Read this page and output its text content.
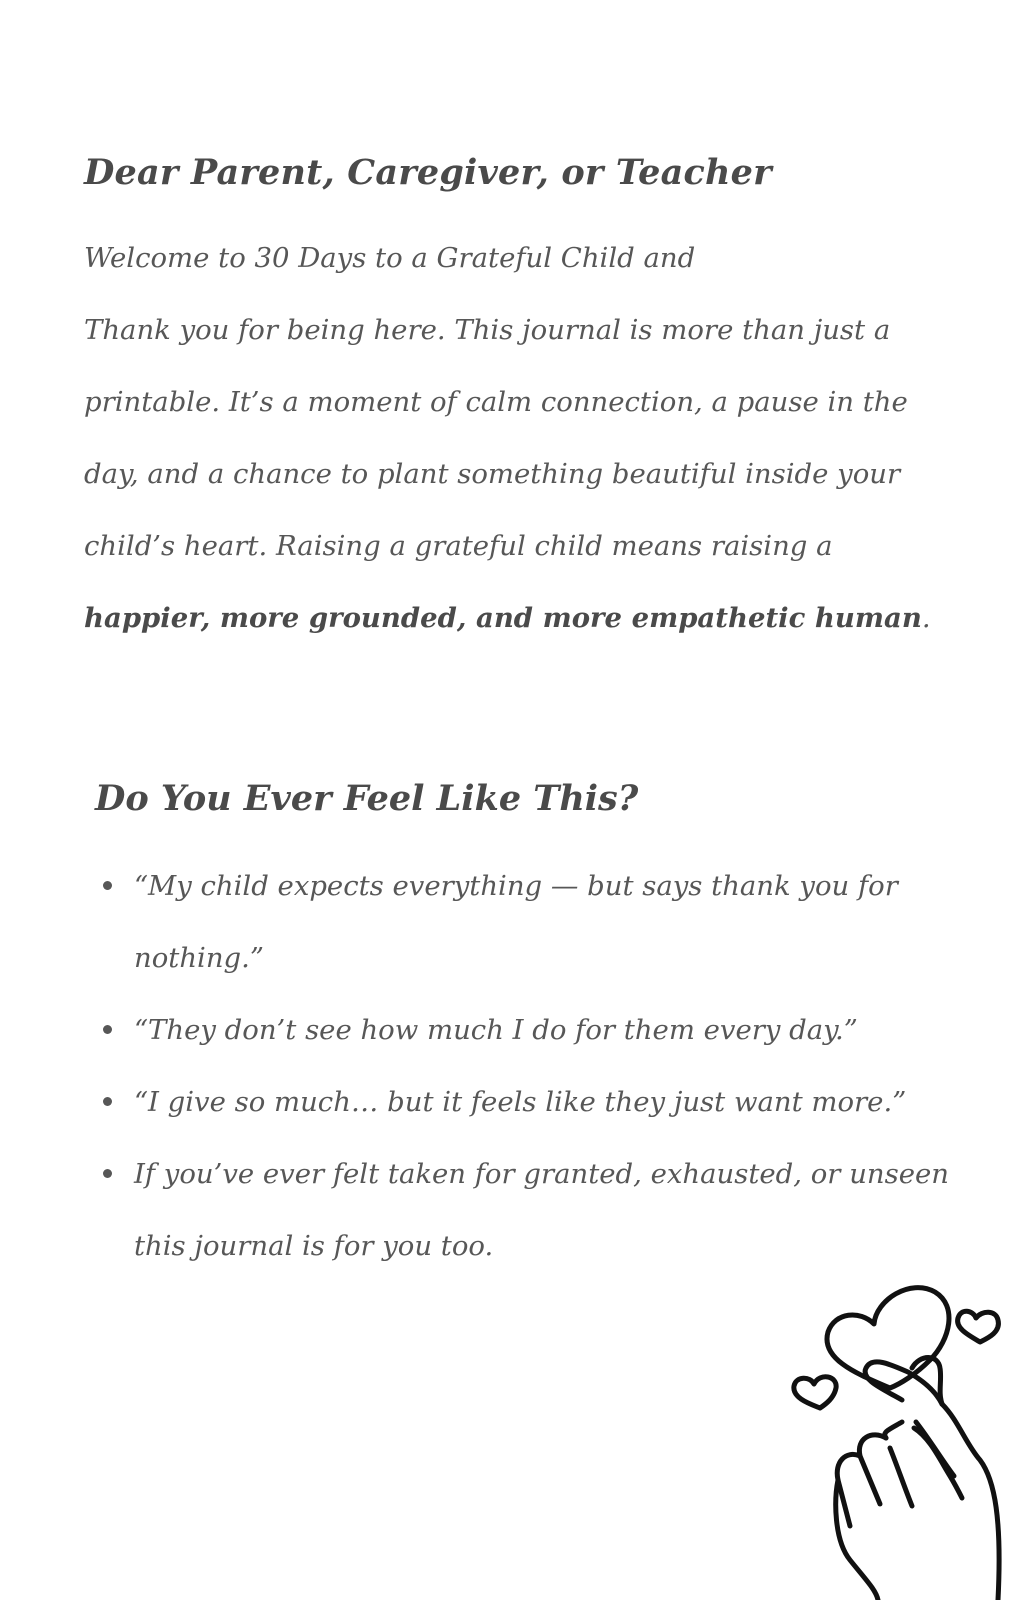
Dear Parent, Caregiver, or Teacher

Welcome to 30 Days to a Grateful Child and
Thank you for being here. This journal is more than just a
printable. It’s a moment of calm connection, a pause in the
day, and a chance to plant something beautiful inside your
child’s heart. Raising a grateful child means raising a
happier, more grounded, and more empathetic human.

Do You Ever Feel Like This?
“My child expects everything — but says thank you for
nothing.”
“They don’t see how much I do for them every day.”
“I give so much… but it feels like they just want more.”
If you’ve ever felt taken for granted, exhausted, or unseen
this journal is for you too.
